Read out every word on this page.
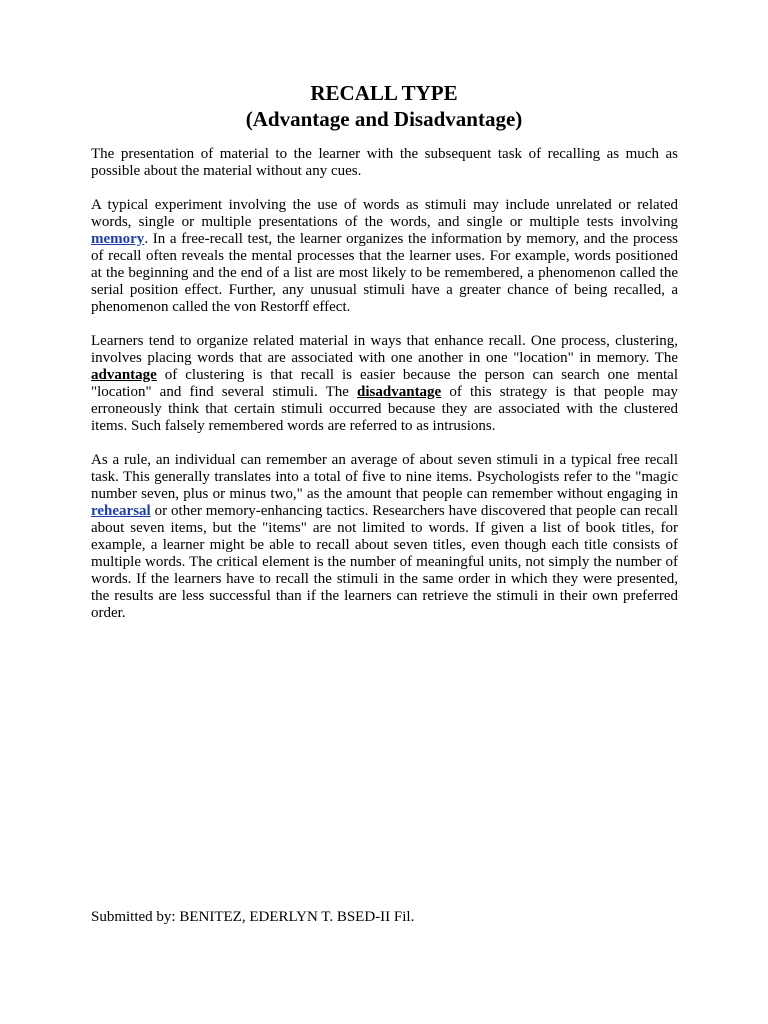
RECALL TYPE
(Advantage and Disadvantage)

The presentation of material to the learner with the subsequent task of recalling as much as possible about the material without any cues.

A typical experiment involving the use of words as stimuli may include unrelated or related words, single or multiple presentations of the words, and single or multiple tests involving memory. In a free-recall test, the learner organizes the information by memory, and the process of recall often reveals the mental processes that the learner uses. For example, words positioned at the beginning and the end of a list are most likely to be remembered, a phenomenon called the serial position effect. Further, any unusual stimuli have a greater chance of being recalled, a phenomenon called the von Restorff effect.

Learners tend to organize related material in ways that enhance recall. One process, clustering, involves placing words that are associated with one another in one "location" in memory. The advantage of clustering is that recall is easier because the person can search one mental "location" and find several stimuli. The disadvantage of this strategy is that people may erroneously think that certain stimuli occurred because they are associated with the clustered items. Such falsely remembered words are referred to as intrusions.

As a rule, an individual can remember an average of about seven stimuli in a typical free recall task. This generally translates into a total of five to nine items. Psychologists refer to the "magic number seven, plus or minus two," as the amount that people can remember without engaging in rehearsal or other memory-enhancing tactics. Researchers have discovered that people can recall about seven items, but the "items" are not limited to words. If given a list of book titles, for example, a learner might be able to recall about seven titles, even though each title consists of multiple words. The critical element is the number of meaningful units, not simply the number of words. If the learners have to recall the stimuli in the same order in which they were presented, the results are less successful than if the learners can retrieve the stimuli in their own preferred order.

Submitted by: BENITEZ, EDERLYN T. BSED-II Fil.
